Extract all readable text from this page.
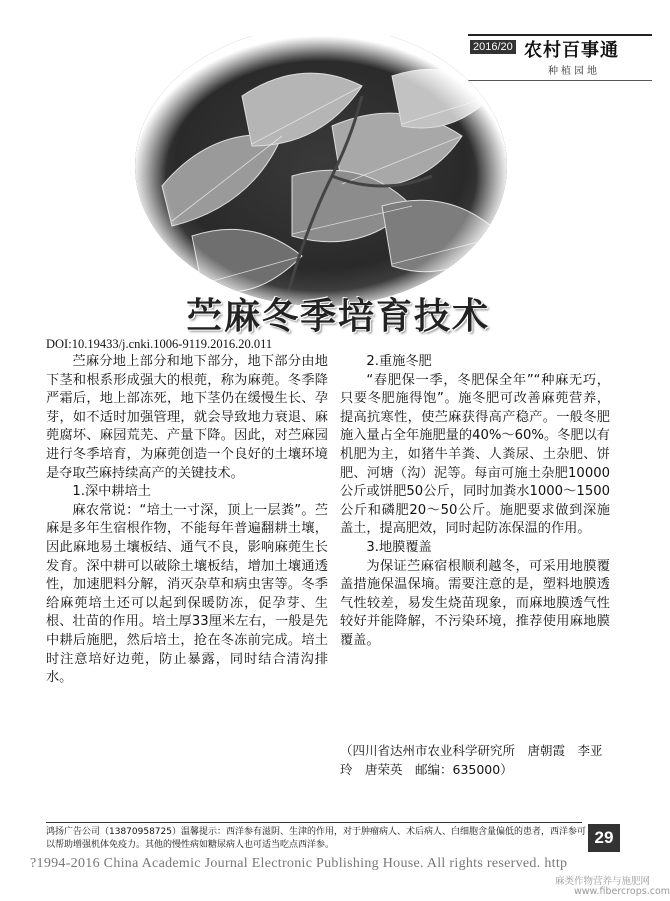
2016/20 农村百事通
种植园地
苎麻冬季培育技术
DOI:10.19433/j.cnki.1006-9119.2016.20.011

苎麻分地上部分和地下部分，地下部分由地下茎和根系形成强大的根蔸，称为麻蔸。冬季降严霜后，地上部冻死，地下茎仍在缓慢生长、孕芽，如不适时加强管理，就会导致地力衰退、麻蔸腐坏、麻园荒芜、产量下降。因此，对苎麻园进行冬季培育，为麻蔸创造一个良好的土壤环境是夺取苎麻持续高产的关键技术。

1.深中耕培土

麻农常说：“培土一寸深，顶上一层粪”。苎麻是多年生宿根作物，不能每年普遍翻耕土壤，因此麻地易土壤板结、通气不良，影响麻蔸生长发育。深中耕可以破除土壤板结，增加土壤通透性，加速肥料分解，消灭杂草和病虫害等。冬季给麻蔸培土还可以起到保暖防冻，促孕芽、生根、壮苗的作用。培土厚33厘米左右，一般是先中耕后施肥，然后培土，抢在冬冻前完成。培土时注意培好边蔸，防止暴露，同时结合清沟排水。

2.重施冬肥

“春肥保一季，冬肥保全年”“种麻无巧，只要冬肥施得饱”。施冬肥可改善麻蔸营养，提高抗寒性，使苎麻获得高产稳产。一般冬肥施入量占全年施肥量的40%～60%。冬肥以有机肥为主，如猪牛羊粪、人粪尿、土杂肥、饼肥、河塘（沟）泥等。每亩可施土杂肥10000公斤或饼肥50公斤，同时加粪水1000～1500公斤和磷肥20～50公斤。施肥要求做到深施盖土，提高肥效，同时起防冻保温的作用。

3.地膜覆盖

为保证苎麻宿根顺利越冬，可采用地膜覆盖措施保温保墒。需要注意的是，塑料地膜透气性较差，易发生烧苗现象，而麻地膜透气性较好并能降解，不污染环境，推荐使用麻地膜覆盖。

（四川省达州市农业科学研究所　唐朝霞　李亚玲　唐荣英　邮编：635000）
鸿扬广告公司（13870958725）温馨提示：西洋参有滋阴、生津的作用，对于肿瘤病人、术后病人、白细胞含量偏低的患者，西洋参可以帮助增强机体免疫力。其他的慢性病如糖尿病人也可适当吃点西洋参。	29
?1994-2016 China Academic Journal Electronic Publishing House. All rights reserved. http
麻类作物营养与施肥网
www.fibercrops.com
